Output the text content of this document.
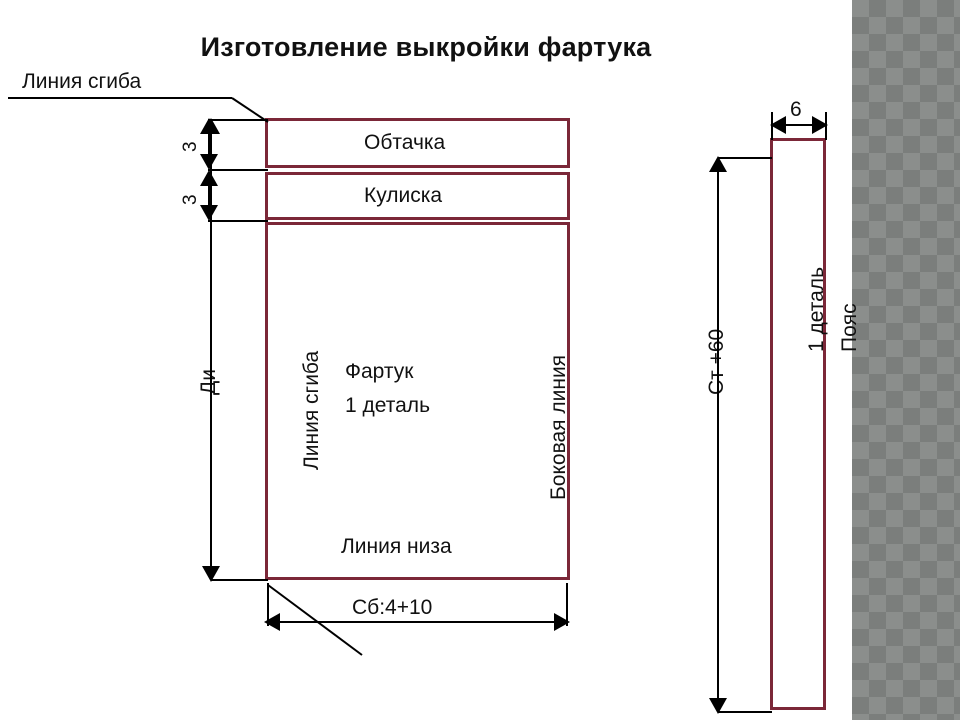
Изготовление выкройки фартука
Обтачка
Кулиска
Фартук
1 деталь
Линия низа
Линия сгиба	Боковая линия
Линия сгиба
3
3
Ди
Сб:4+10
Пояс
1 деталь
6
Ст +60
